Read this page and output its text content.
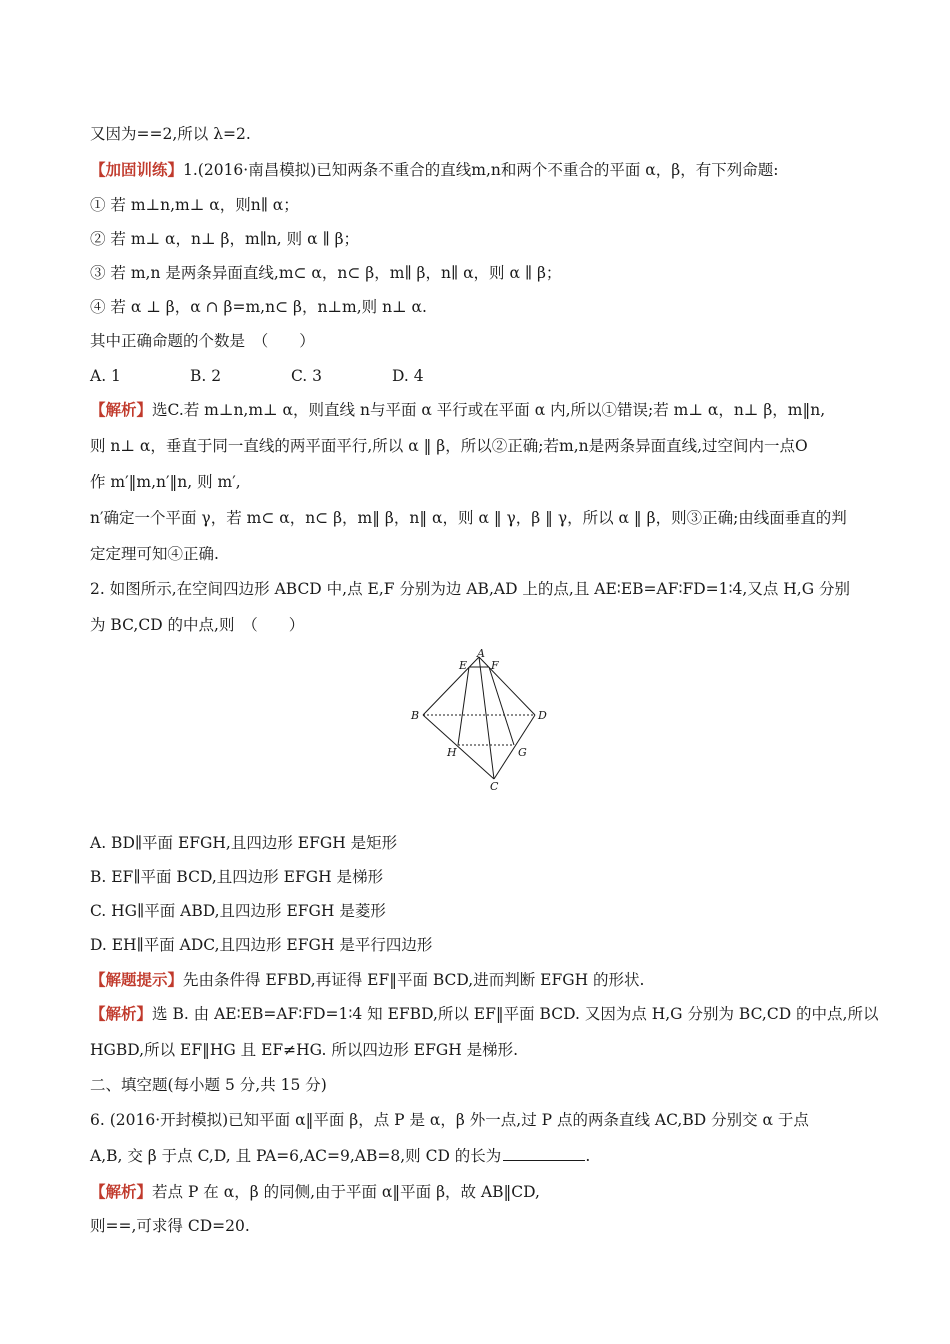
又因为==2,所以 λ=2.
【加固训练】1.(2016·南昌模拟)已知两条不重合的直线m,n和两个不重合的平面 α，β，有下列命题:
① 若 m⊥n,m⊥ α，则n∥ α；
② 若 m⊥ α，n⊥ β，m∥n, 则 α ∥ β；
③ 若 m,n 是两条异面直线,m⊂ α，n⊂ β，m∥ β，n∥ α，则 α ∥ β；
④ 若 α ⊥ β，α ∩ β=m,n⊂ β，n⊥m,则 n⊥ α.
其中正确命题的个数是　（　　）
A. 1	B. 2	C. 3	D. 4
【解析】选C.若 m⊥n,m⊥ α，则直线 n与平面 α 平行或在平面 α 内,所以①错误;若 m⊥ α，n⊥ β，m‖n,
则 n⊥ α，垂直于同一直线的两平面平行,所以 α ‖ β，所以②正确;若m,n是两条异面直线,过空间内一点O
作 m′‖m,n′‖n, 则 m′,
n′确定一个平面 γ，若 m⊂ α，n⊂ β，m‖ β，n‖ α，则 α ‖ γ，β ‖ γ，所以 α ‖ β，则③正确;由线面垂直的判
定定理可知④正确.
2. 如图所示,在空间四边形 ABCD 中,点 E,F 分别为边 AB,AD 上的点,且 AE∶EB=AF∶FD=1∶4,又点 H,G 分别
为 BC,CD 的中点,则　（　　）
A
E F
B	D
H	G
C
A. BD∥平面 EFGH,且四边形 EFGH 是矩形
B. EF∥平面 BCD,且四边形 EFGH 是梯形
C. HG∥平面 ABD,且四边形 EFGH 是菱形
D. EH∥平面 ADC,且四边形 EFGH 是平行四边形
【解题提示】先由条件得 EFBD,再证得 EF‖平面 BCD,进而判断 EFGH 的形状.
【解析】选 B. 由 AE∶EB=AF∶FD=1∶4 知 EFBD,所以 EF‖平面 BCD. 又因为点 H,G 分别为 BC,CD 的中点,所以
HGBD,所以 EF‖HG 且 EF≠HG. 所以四边形 EFGH 是梯形.
二、填空题(每小题 5 分,共 15 分)
6. (2016·开封模拟)已知平面 α‖平面 β，点 P 是 α，β 外一点,过 P 点的两条直线 AC,BD 分别交 α 于点
A,B, 交 β 于点 C,D, 且 PA=6,AC=9,AB=8,则 CD 的长为	.
【解析】若点 P 在 α，β 的同侧,由于平面 α‖平面 β，故 AB‖CD,
则==,可求得 CD=20.
